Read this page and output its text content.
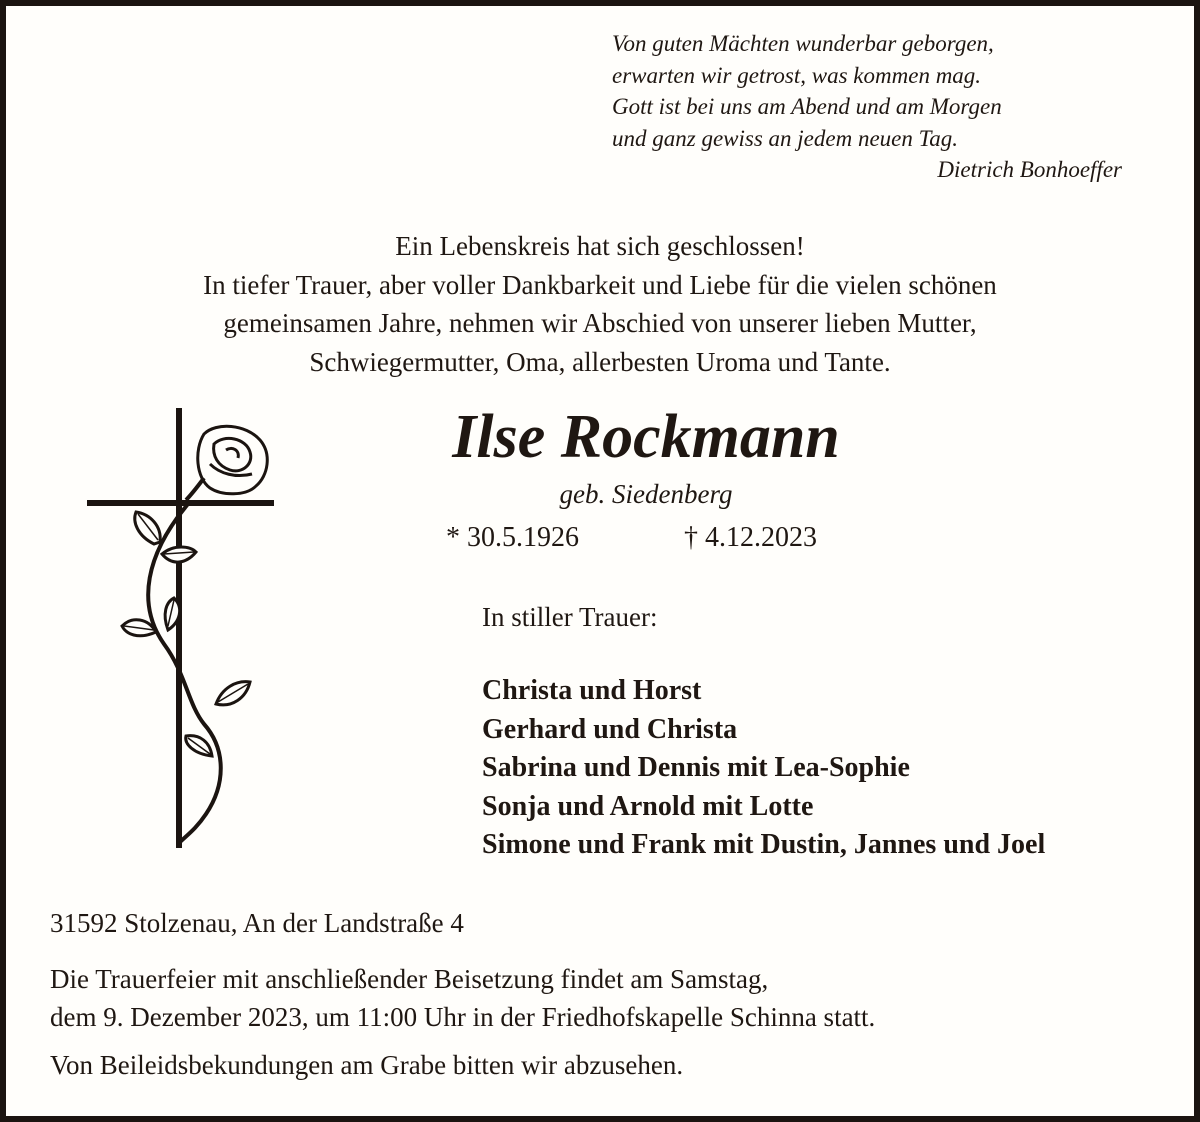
Von guten Mächten wunderbar geborgen,
erwarten wir getrost, was kommen mag.
Gott ist bei uns am Abend und am Morgen
und ganz gewiss an jedem neuen Tag.
Dietrich Bonhoeffer
Ein Lebenskreis hat sich geschlossen!
In tiefer Trauer, aber voller Dankbarkeit und Liebe für die vielen schönen
gemeinsamen Jahre, nehmen wir Abschied von unserer lieben Mutter,
Schwiegermutter, Oma, allerbesten Uroma und Tante.
Ilse Rockmann
geb. Siedenberg
* 30.5.1926	† 4.12.2023
In stiller Trauer:
Christa und Horst
Gerhard und Christa
Sabrina und Dennis mit Lea-Sophie
Sonja und Arnold mit Lotte
Simone und Frank mit Dustin, Jannes und Joel
31592 Stolzenau, An der Landstraße 4
Die Trauerfeier mit anschließender Beisetzung findet am Samstag,
dem 9. Dezember 2023, um 11:00 Uhr in der Friedhofskapelle Schinna statt.
Von Beileidsbekundungen am Grabe bitten wir abzusehen.
